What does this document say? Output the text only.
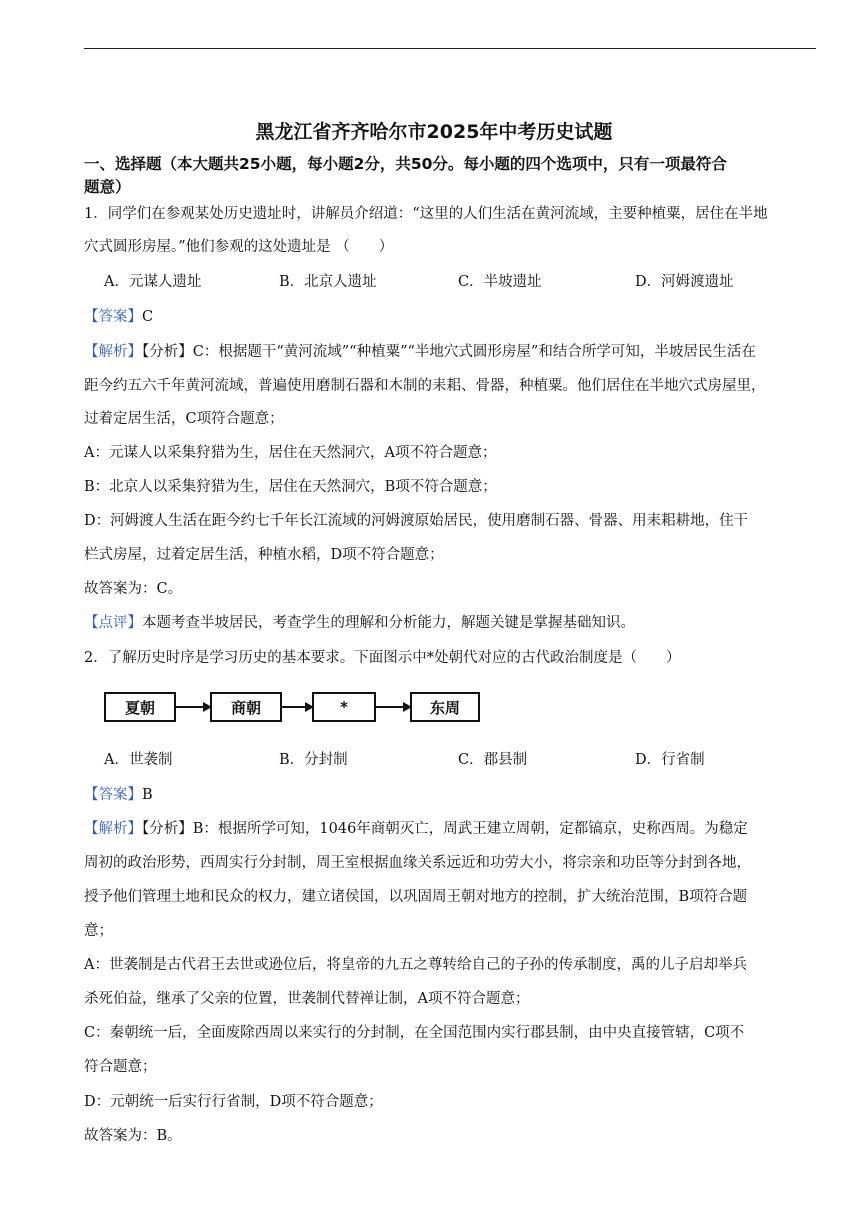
黑龙江省齐齐哈尔市2025年中考历史试题
一、选择题（本大题共25小题，每小题2分，共50分。每小题的四个选项中，只有一项最符合
题意）
1．同学们在参观某处历史遗址时，讲解员介绍道：“这里的人们生活在黄河流域，主要种植粟，居住在半地
穴式圆形房屋。”他们参观的这处遗址是 （　　）
A．元谋人遗址	B．北京人遗址	C．半坡遗址	D．河姆渡遗址
【答案】C
【解析】【分析】C：根据题干“黄河流域”“种植粟”“半地穴式圆形房屋”和结合所学可知，半坡居民生活在
距今约五六千年黄河流域，普遍使用磨制石器和木制的耒耜、骨器，种植粟。他们居住在半地穴式房屋里，
过着定居生活，C项符合题意；
A：元谋人以采集狩猎为生，居住在天然洞穴，A项不符合题意；
B：北京人以采集狩猎为生，居住在天然洞穴，B项不符合题意；
D：河姆渡人生活在距今约七千年长江流域的河姆渡原始居民，使用磨制石器、骨器、用耒耜耕地，住干
栏式房屋，过着定居生活，种植水稻，D项不符合题意；
故答案为：C。
【点评】本题考查半坡居民，考查学生的理解和分析能力，解题关键是掌握基础知识。
2．了解历史时序是学习历史的基本要求。下面图示中*处朝代对应的古代政治制度是（　　）
夏朝	商朝	*	东周
A．世袭制	B．分封制	C．郡县制	D．行省制
【答案】B
【解析】【分析】B：根据所学可知，1046年商朝灭亡，周武王建立周朝，定都镐京，史称西周。为稳定
周初的政治形势，西周实行分封制，周王室根据血缘关系远近和功劳大小，将宗亲和功臣等分封到各地，
授予他们管理土地和民众的权力，建立诸侯国，以巩固周王朝对地方的控制，扩大统治范围，B项符合题
意；
A：世袭制是古代君王去世或逊位后，将皇帝的九五之尊转给自己的子孙的传承制度，禹的儿子启却举兵
杀死伯益，继承了父亲的位置，世袭制代替禅让制，A项不符合题意；
C：秦朝统一后，全面废除西周以来实行的分封制，在全国范围内实行郡县制，由中央直接管辖，C项不
符合题意；
D：元朝统一后实行行省制，D项不符合题意；
故答案为：B。
